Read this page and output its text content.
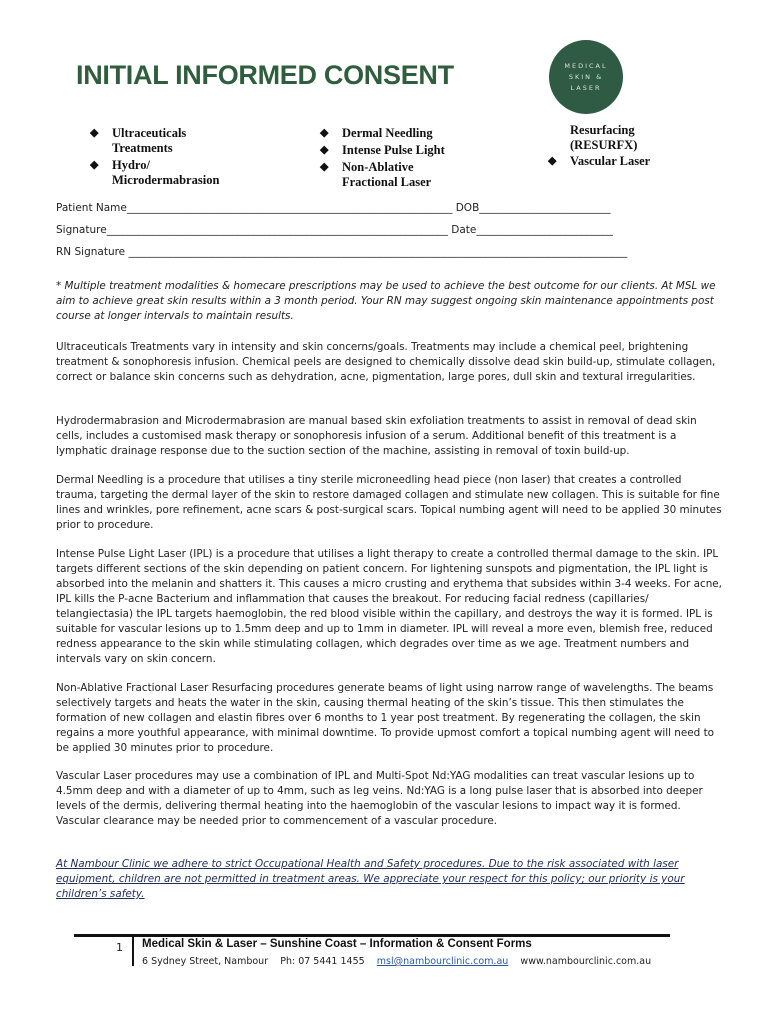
INITIAL INFORMED CONSENT	MEDICAL
SKIN &
LASER
◆ Ultraceuticals Treatments
◆ Hydro/ Microdermabrasion
◆ Dermal Needling
◆ Intense Pulse Light
◆ Non-Ablative Fractional Laser
Resurfacing (RESURFX)
◆ Vascular Laser
Patient Name______________________________________________________________ DOB_________________________
Signature_________________________________________________________________ Date__________________________
RN Signature _______________________________________________________________________________________________

* Multiple treatment modalities & homecare prescriptions may be used to achieve the best outcome for our clients. At MSL we aim to achieve great skin results within a 3 month period. Your RN may suggest ongoing skin maintenance appointments post course at longer intervals to maintain results.

Ultraceuticals Treatments vary in intensity and skin concerns/goals. Treatments may include a chemical peel, brightening treatment & sonophoresis infusion. Chemical peels are designed to chemically dissolve dead skin build-up, stimulate collagen, correct or balance skin concerns such as dehydration, acne, pigmentation, large pores, dull skin and textural irregularities.

Hydrodermabrasion and Microdermabrasion are manual based skin exfoliation treatments to assist in removal of dead skin cells, includes a customised mask therapy or sonophoresis infusion of a serum. Additional benefit of this treatment is a lymphatic drainage response due to the suction section of the machine, assisting in removal of toxin build-up.

Dermal Needling is a procedure that utilises a tiny sterile microneedling head piece (non laser) that creates a controlled trauma, targeting the dermal layer of the skin to restore damaged collagen and stimulate new collagen. This is suitable for fine lines and wrinkles, pore refinement, acne scars & post-surgical scars. Topical numbing agent will need to be applied 30 minutes prior to procedure.

Intense Pulse Light Laser (IPL) is a procedure that utilises a light therapy to create a controlled thermal damage to the skin. IPL targets different sections of the skin depending on patient concern. For lightening sunspots and pigmentation, the IPL light is absorbed into the melanin and shatters it. This causes a micro crusting and erythema that subsides within 3-4 weeks. For acne, IPL kills the P-acne Bacterium and inflammation that causes the breakout. For reducing facial redness (capillaries/ telangiectasia) the IPL targets haemoglobin, the red blood visible within the capillary, and destroys the way it is formed. IPL is suitable for vascular lesions up to 1.5mm deep and up to 1mm in diameter. IPL will reveal a more even, blemish free, reduced redness appearance to the skin while stimulating collagen, which degrades over time as we age. Treatment numbers and intervals vary on skin concern.

Non-Ablative Fractional Laser Resurfacing procedures generate beams of light using narrow range of wavelengths. The beams selectively targets and heats the water in the skin, causing thermal heating of the skin’s tissue. This then stimulates the formation of new collagen and elastin fibres over 6 months to 1 year post treatment. By regenerating the collagen, the skin regains a more youthful appearance, with minimal downtime. To provide upmost comfort a topical numbing agent will need to be applied 30 minutes prior to procedure.

Vascular Laser procedures may use a combination of IPL and Multi-Spot Nd:YAG modalities can treat vascular lesions up to 4.5mm deep and with a diameter of up to 4mm, such as leg veins. Nd:YAG is a long pulse laser that is absorbed into deeper levels of the dermis, delivering thermal heating into the haemoglobin of the vascular lesions to impact way it is formed. Vascular clearance may be needed prior to commencement of a vascular procedure.

At Nambour Clinic we adhere to strict Occupational Health and Safety procedures. Due to the risk associated with laser equipment, children are not permitted in treatment areas. We appreciate your respect for this policy; our priority is your children’s safety.

1 Medical Skin & Laser – Sunshine Coast – Information & Consent Forms
6 Sydney Street, Nambour Ph: 07 5441 1455 msl@nambourclinic.com.au www.nambourclinic.com.au
